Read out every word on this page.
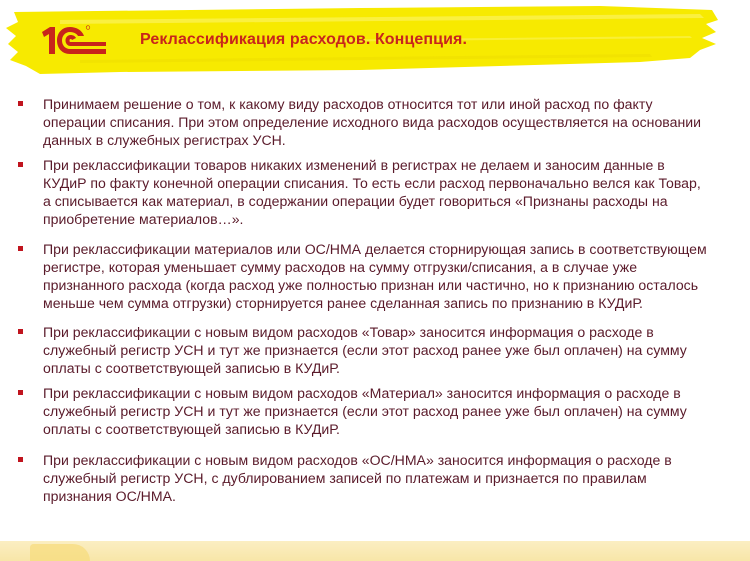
Реклассификация расходов. Концепция.
Принимаем решение о том, к какому виду расходов относится тот или иной расход по факту
операции списания. При этом определение исходного вида расходов осуществляется на основании
данных в служебных регистрах УСН.
При реклассификации товаров никаких изменений в регистрах не делаем и заносим данные в
КУДиР по факту конечной операции списания. То есть если расход первоначально велся как Товар,
а списывается как материал, в содержании операции будет говориться «Признаны расходы на
приобретение материалов…».
При реклассификации материалов или ОС/НМА делается сторнирующая запись в соответствующем
регистре, которая уменьшает сумму расходов на сумму отгрузки/списания, а в случае уже
признанного расхода (когда расход уже полностью признан или частично, но к признанию осталось
меньше чем сумма отгрузки) сторнируется ранее сделанная запись по признанию в КУДиР.
При реклассификации с новым видом расходов «Товар» заносится информация о расходе в
служебный регистр УСН и тут же признается (если этот расход ранее уже был оплачен) на сумму
оплаты с соответствующей записью в КУДиР.
При реклассификации с новым видом расходов «Материал» заносится информация о расходе в
служебный регистр УСН и тут же признается (если этот расход ранее уже был оплачен) на сумму
оплаты с соответствующей записью в КУДиР.
При реклассификации с новым видом расходов «ОС/НМА» заносится информация о расходе в
служебный регистр УСН, с дублированием записей по платежам и признается по правилам
признания ОС/НМА.
